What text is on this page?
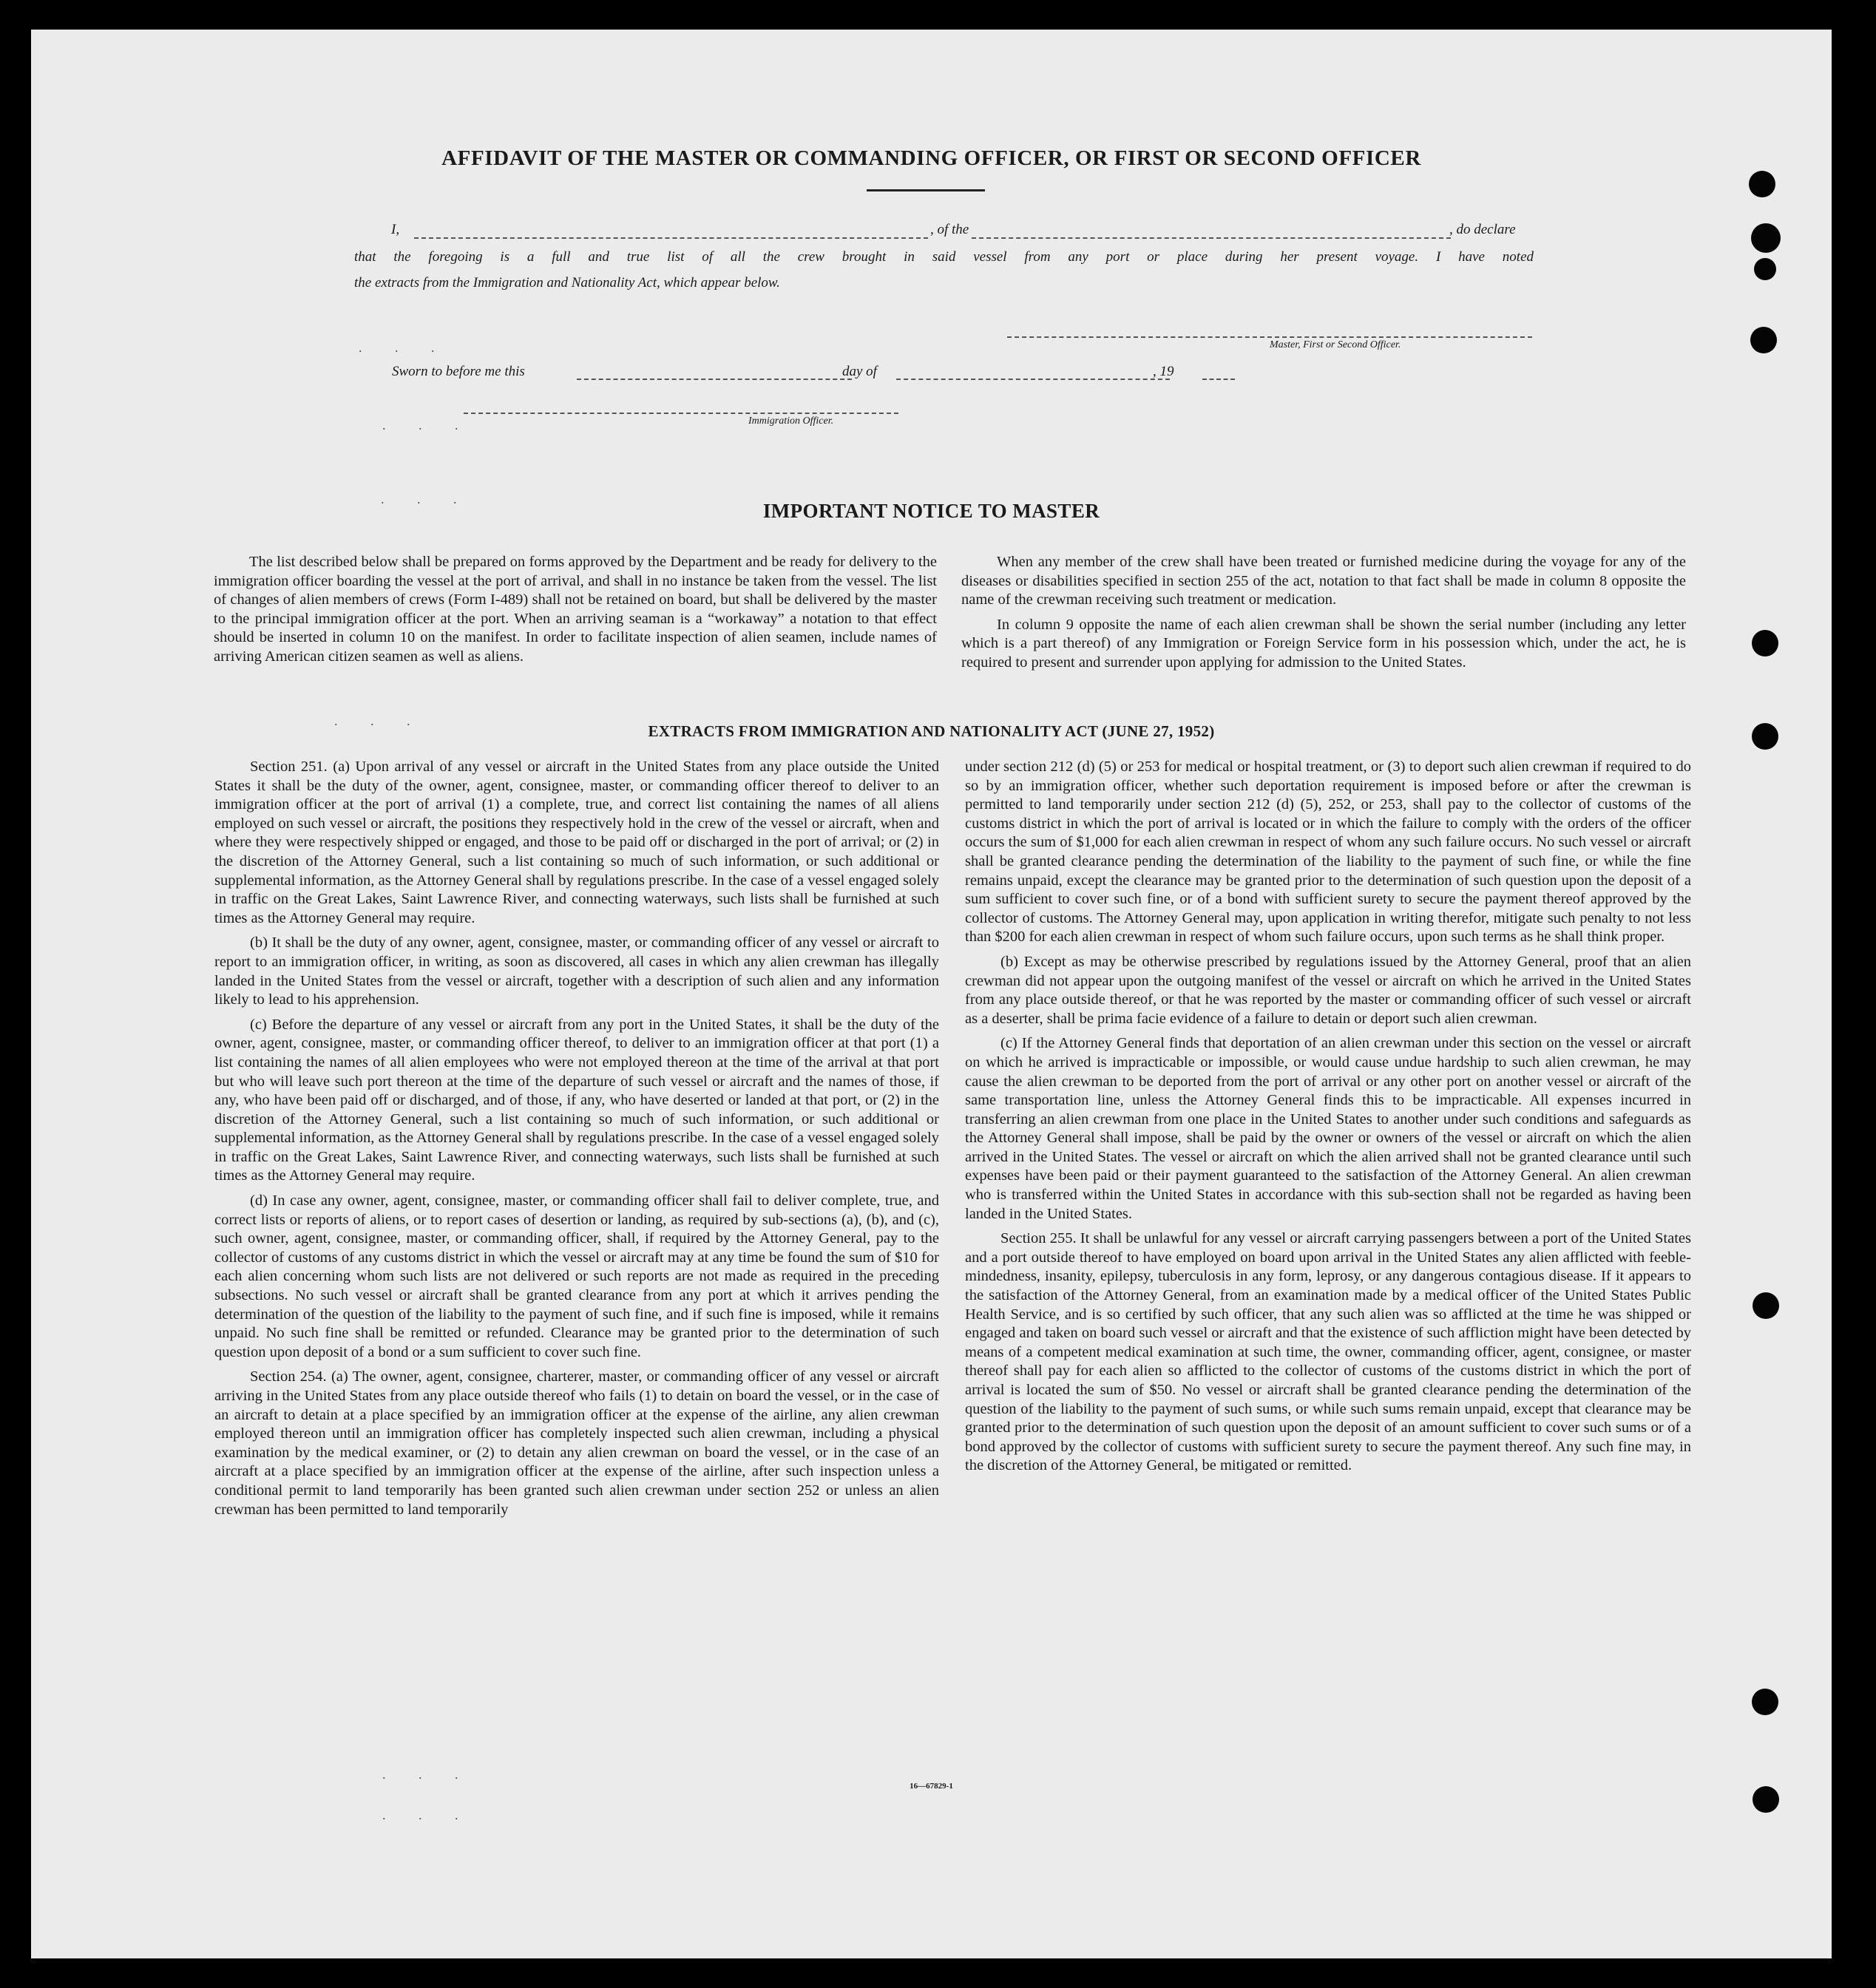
AFFIDAVIT OF THE MASTER OR COMMANDING OFFICER, OR FIRST OR SECOND OFFICER
I,	, of the	, do declare
that the foregoing is a full and true list of all the crew brought in said vessel from any port or place during her present voyage. I have noted
the extracts from the Immigration and Nationality Act, which appear below.
Master, First or Second Officer.
Sworn to before me this	day of	, 19
Immigration Officer.
. . .
. . .
. . .
. . .
IMPORTANT NOTICE TO MASTER

The list described below shall be prepared on forms approved by the Department and be ready for delivery to the immigration officer boarding the vessel at the port of arrival, and shall in no instance be taken from the vessel. The list of changes of alien members of crews (Form I-489) shall not be retained on board, but shall be delivered by the master to the principal immigration officer at the port. When an arriving seaman is a “workaway” a notation to that effect should be inserted in column 10 on the manifest. In order to facilitate inspection of alien seamen, include names of arriving American citizen seamen as well as aliens.

When any member of the crew shall have been treated or furnished medicine during the voyage for any of the diseases or disabilities specified in section 255 of the act, notation to that fact shall be made in column 8 opposite the name of the crewman receiving such treatment or medication.

In column 9 opposite the name of each alien crewman shall be shown the serial number (including any letter which is a part thereof) of any Immigration or Foreign Service form in his possession which, under the act, he is required to present and surrender upon applying for admission to the United States.

EXTRACTS FROM IMMIGRATION AND NATIONALITY ACT (JUNE 27, 1952)

Section 251. (a) Upon arrival of any vessel or aircraft in the United States from any place outside the United States it shall be the duty of the owner, agent, consignee, master, or commanding officer thereof to deliver to an immigration officer at the port of arrival (1) a complete, true, and correct list containing the names of all aliens employed on such vessel or aircraft, the positions they respectively hold in the crew of the vessel or aircraft, when and where they were respectively shipped or engaged, and those to be paid off or discharged in the port of arrival; or (2) in the discretion of the Attorney General, such a list containing so much of such information, or such additional or supplemental information, as the Attorney General shall by regulations prescribe. In the case of a vessel engaged solely in traffic on the Great Lakes, Saint Lawrence River, and connecting waterways, such lists shall be furnished at such times as the Attorney General may require.

(b) It shall be the duty of any owner, agent, consignee, master, or commanding officer of any vessel or aircraft to report to an immigration officer, in writing, as soon as discovered, all cases in which any alien crewman has illegally landed in the United States from the vessel or aircraft, together with a description of such alien and any information likely to lead to his apprehension.

(c) Before the departure of any vessel or aircraft from any port in the United States, it shall be the duty of the owner, agent, consignee, master, or commanding officer thereof, to deliver to an immigration officer at that port (1) a list containing the names of all alien employees who were not employed thereon at the time of the arrival at that port but who will leave such port thereon at the time of the departure of such vessel or aircraft and the names of those, if any, who have been paid off or discharged, and of those, if any, who have deserted or landed at that port, or (2) in the discretion of the Attorney General, such a list containing so much of such information, or such additional or supplemental information, as the Attorney General shall by regulations prescribe. In the case of a vessel engaged solely in traffic on the Great Lakes, Saint Lawrence River, and connecting waterways, such lists shall be furnished at such times as the Attorney General may require.

(d) In case any owner, agent, consignee, master, or commanding officer shall fail to deliver complete, true, and correct lists or reports of aliens, or to report cases of desertion or landing, as required by sub-sections (a), (b), and (c), such owner, agent, consignee, master, or commanding officer, shall, if required by the Attorney General, pay to the collector of customs of any customs district in which the vessel or aircraft may at any time be found the sum of $10 for each alien concerning whom such lists are not delivered or such reports are not made as required in the preceding subsections. No such vessel or aircraft shall be granted clearance from any port at which it arrives pending the determination of the question of the liability to the payment of such fine, and if such fine is imposed, while it remains unpaid. No such fine shall be remitted or refunded. Clearance may be granted prior to the determination of such question upon deposit of a bond or a sum sufficient to cover such fine.

Section 254. (a) The owner, agent, consignee, charterer, master, or commanding officer of any vessel or aircraft arriving in the United States from any place outside thereof who fails (1) to detain on board the vessel, or in the case of an aircraft to detain at a place specified by an immigration officer at the expense of the airline, any alien crewman employed thereon until an immigration officer has completely inspected such alien crewman, including a physical examination by the medical examiner, or (2) to detain any alien crewman on board the vessel, or in the case of an aircraft at a place specified by an immigration officer at the expense of the airline, after such inspection unless a conditional permit to land temporarily has been granted such alien crewman under section 252 or unless an alien crewman has been permitted to land temporarily

under section 212 (d) (5) or 253 for medical or hospital treatment, or (3) to deport such alien crewman if required to do so by an immigration officer, whether such deportation requirement is imposed before or after the crewman is permitted to land temporarily under section 212 (d) (5), 252, or 253, shall pay to the collector of customs of the customs district in which the port of arrival is located or in which the failure to comply with the orders of the officer occurs the sum of $1,000 for each alien crewman in respect of whom any such failure occurs. No such vessel or aircraft shall be granted clearance pending the determination of the liability to the payment of such fine, or while the fine remains unpaid, except the clearance may be granted prior to the determination of such question upon the deposit of a sum sufficient to cover such fine, or of a bond with sufficient surety to secure the payment thereof approved by the collector of customs. The Attorney General may, upon application in writing therefor, mitigate such penalty to not less than $200 for each alien crewman in respect of whom such failure occurs, upon such terms as he shall think proper.

(b) Except as may be otherwise prescribed by regulations issued by the Attorney General, proof that an alien crewman did not appear upon the outgoing manifest of the vessel or aircraft on which he arrived in the United States from any place outside thereof, or that he was reported by the master or commanding officer of such vessel or aircraft as a deserter, shall be prima facie evidence of a failure to detain or deport such alien crewman.

(c) If the Attorney General finds that deportation of an alien crewman under this section on the vessel or aircraft on which he arrived is impracticable or impossible, or would cause undue hardship to such alien crewman, he may cause the alien crewman to be deported from the port of arrival or any other port on another vessel or aircraft of the same transportation line, unless the Attorney General finds this to be impracticable. All expenses incurred in transferring an alien crewman from one place in the United States to another under such conditions and safeguards as the Attorney General shall impose, shall be paid by the owner or owners of the vessel or aircraft on which the alien arrived in the United States. The vessel or aircraft on which the alien arrived shall not be granted clearance until such expenses have been paid or their payment guaranteed to the satisfaction of the Attorney General. An alien crewman who is transferred within the United States in accordance with this sub-section shall not be regarded as having been landed in the United States.

Section 255. It shall be unlawful for any vessel or aircraft carrying passengers between a port of the United States and a port outside thereof to have employed on board upon arrival in the United States any alien afflicted with feeble-mindedness, insanity, epilepsy, tuberculosis in any form, leprosy, or any dangerous contagious disease. If it appears to the satisfaction of the Attorney General, from an examination made by a medical officer of the United States Public Health Service, and is so certified by such officer, that any such alien was so afflicted at the time he was shipped or engaged and taken on board such vessel or aircraft and that the existence of such affliction might have been detected by means of a competent medical examination at such time, the owner, commanding officer, agent, consignee, or master thereof shall pay for each alien so afflicted to the collector of customs of the customs district in which the port of arrival is located the sum of $50. No vessel or aircraft shall be granted clearance pending the determination of the question of the liability to the payment of such sums, or while such sums remain unpaid, except that clearance may be granted prior to the determination of such question upon the deposit of an amount sufficient to cover such sums or of a bond approved by the collector of customs with sufficient surety to secure the payment thereof. Any such fine may, in the discretion of the Attorney General, be mitigated or remitted.

16—67829-1
. . .
. . .
